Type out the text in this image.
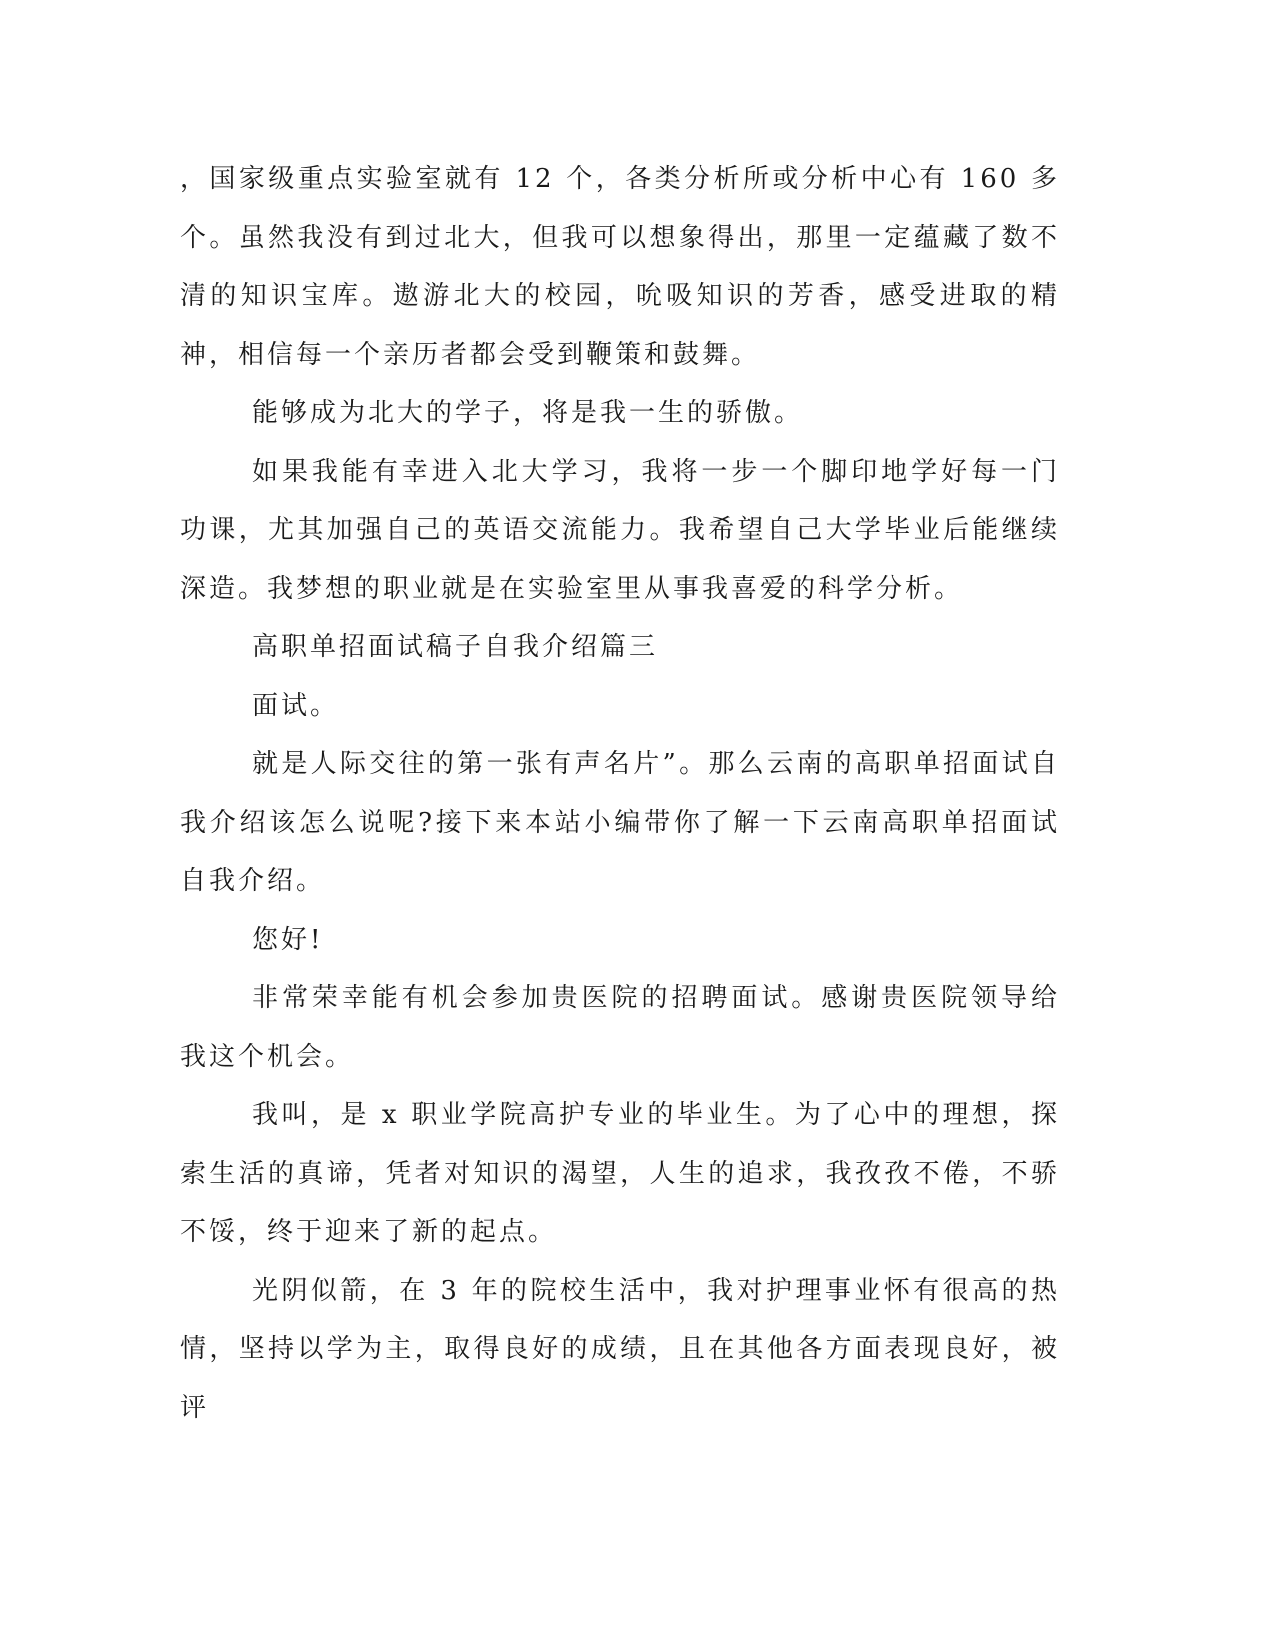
，国家级重点实验室就有 12 个，各类分析所或分析中心有 160 多个。虽然我没有到过北大，但我可以想象得出，那里一定蕴藏了数不清的知识宝库。遨游北大的校园，吮吸知识的芳香，感受进取的精神，相信每一个亲历者都会受到鞭策和鼓舞。

能够成为北大的学子，将是我一生的骄傲。

如果我能有幸进入北大学习，我将一步一个脚印地学好每一门功课，尤其加强自己的英语交流能力。我希望自己大学毕业后能继续深造。我梦想的职业就是在实验室里从事我喜爱的科学分析。

高职单招面试稿子自我介绍篇三

面试。

就是人际交往的第一张有声名片”。那么云南的高职单招面试自我介绍该怎么说呢?接下来本站小编带你了解一下云南高职单招面试自我介绍。

您好!

非常荣幸能有机会参加贵医院的招聘面试。感谢贵医院领导给我这个机会。

我叫，是 x 职业学院高护专业的毕业生。为了心中的理想，探索生活的真谛，凭者对知识的渴望，人生的追求，我孜孜不倦，不骄不馁，终于迎来了新的起点。

光阴似箭，在 3 年的院校生活中，我对护理事业怀有很高的热情，坚持以学为主，取得良好的成绩，且在其他各方面表现良好，被评
